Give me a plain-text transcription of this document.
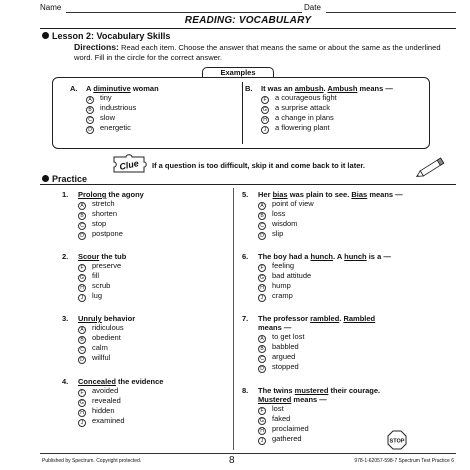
Name	Date
READING: VOCABULARY
Lesson 2: Vocabulary Skills
Directions: Read each item. Choose the answer that means the same or about the same as the underlined word. Fill in the circle for the correct answer.
Examples
A. A diminutive woman
A tiny
B industrious
C slow
D energetic
B. It was an ambush. Ambush means —
F a courageous fight
G a surprise attack
H a change in plans
J a flowering plant
Clue If a question is too difficult, skip it and come back to it later.
Practice
1. Prolong the agony
A stretch
B shorten
C stop
D postpone
2. Scour the tub
F preserve
G fill
H scrub
J lug
3. Unruly behavior
A ridiculous
B obedient
C calm
D willful
4. Concealed the evidence
F avoided
G revealed
H hidden
J examined
5. Her bias was plain to see. Bias means —
A point of view
B loss
C wisdom
D slip
6. The boy had a hunch. A hunch is a —
F feeling
G bad attitude
H hump
J cramp
7. The professor rambled. Rambled
means —
A to get lost
B babbled
C argued
D stopped
8. The twins mustered their courage.
Mustered means —
F lost
G faked
H proclaimed
J gathered	STOP
Published by Spectrum. Copyright protected.	8	978-1-62057-598-7 Spectrum Test Practice 6
